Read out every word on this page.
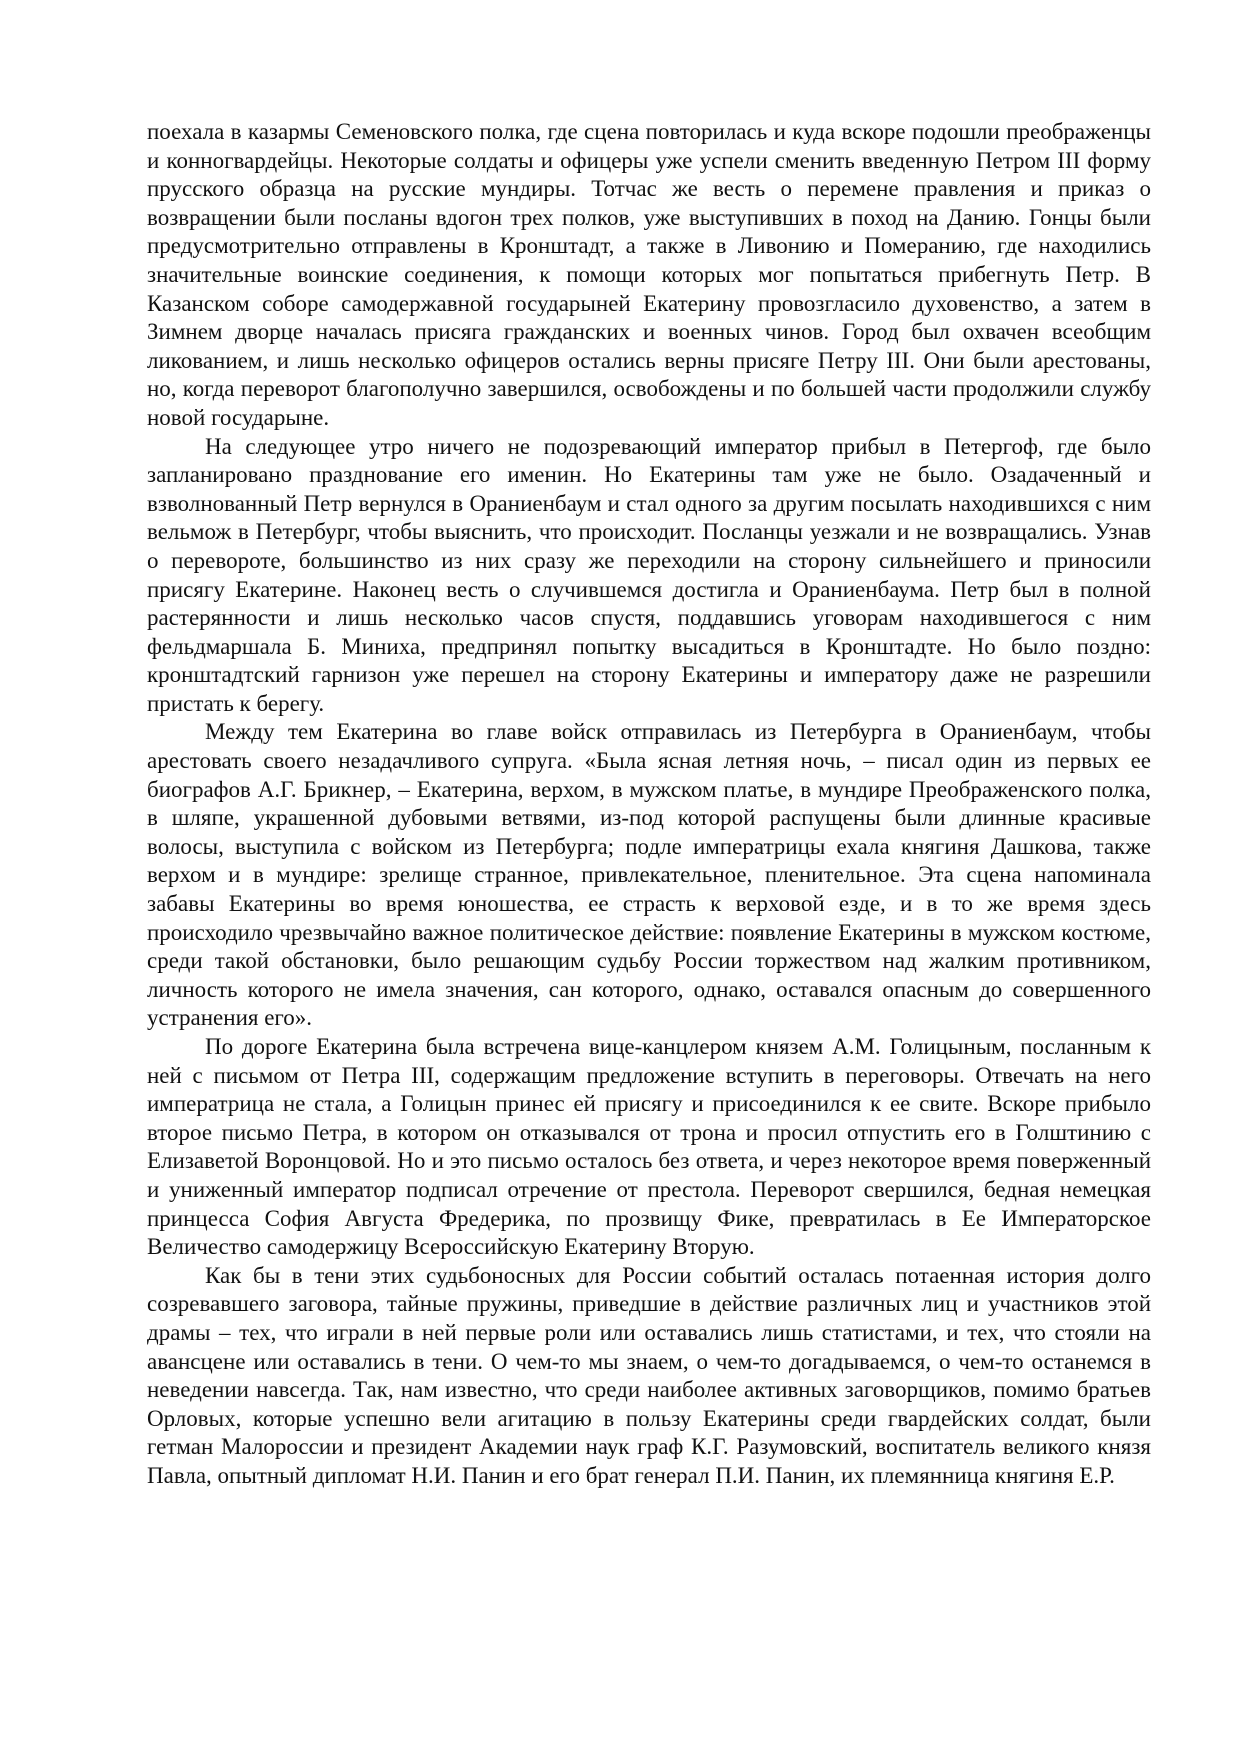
поехала в казармы Семеновского полка, где сцена повторилась и куда вскоре подошли преображенцы и конногвардейцы. Некоторые солдаты и офицеры уже успели сменить введенную Петром III форму прусского образца на русские мундиры. Тотчас же весть о перемене правления и приказ о возвращении были посланы вдогон трех полков, уже выступивших в поход на Данию. Гонцы были предусмотрительно отправлены в Кронштадт, а также в Ливонию и Померанию, где находились значительные воинские соединения, к помощи которых мог попытаться прибегнуть Петр. В Казанском соборе самодержавной государыней Екатерину провозгласило духовенство, а затем в Зимнем дворце началась присяга гражданских и военных чинов. Город был охвачен всеобщим ликованием, и лишь несколько офицеров остались верны присяге Петру III. Они были арестованы, но, когда переворот благополучно завершился, освобождены и по большей части продолжили службу новой государыне.

На следующее утро ничего не подозревающий император прибыл в Петергоф, где было запланировано празднование его именин. Но Екатерины там уже не было. Озадаченный и взволнованный Петр вернулся в Ораниенбаум и стал одного за другим посылать находившихся с ним вельмож в Петербург, чтобы выяснить, что происходит. Посланцы уезжали и не возвращались. Узнав о перевороте, большинство из них сразу же переходили на сторону сильнейшего и приносили присягу Екатерине. Наконец весть о случившемся достигла и Ораниенбаума. Петр был в полной растерянности и лишь несколько часов спустя, поддавшись уговорам находившегося с ним фельдмаршала Б. Миниха, предпринял попытку высадиться в Кронштадте. Но было поздно: кронштадтский гарнизон уже перешел на сторону Екатерины и императору даже не разрешили пристать к берегу.

Между тем Екатерина во главе войск отправилась из Петербурга в Ораниенбаум, чтобы арестовать своего незадачливого супруга. «Была ясная летняя ночь, – писал один из первых ее биографов А.Г. Брикнер, – Екатерина, верхом, в мужском платье, в мундире Преображенского полка, в шляпе, украшенной дубовыми ветвями, из-под которой распущены были длинные красивые волосы, выступила с войском из Петербурга; подле императрицы ехала княгиня Дашкова, также верхом и в мундире: зрелище странное, привлекательное, пленительное. Эта сцена напоминала забавы Екатерины во время юношества, ее страсть к верховой езде, и в то же время здесь происходило чрезвычайно важное политическое действие: появление Екатерины в мужском костюме, среди такой обстановки, было решающим судьбу России торжеством над жалким противником, личность которого не имела значения, сан которого, однако, оставался опасным до совершенного устранения его».

По дороге Екатерина была встречена вице-канцлером князем А.М. Голицыным, посланным к ней с письмом от Петра III, содержащим предложение вступить в переговоры. Отвечать на него императрица не стала, а Голицын принес ей присягу и присоединился к ее свите. Вскоре прибыло второе письмо Петра, в котором он отказывался от трона и просил отпустить его в Голштинию с Елизаветой Воронцовой. Но и это письмо осталось без ответа, и через некоторое время поверженный и униженный император подписал отречение от престола. Переворот свершился, бедная немецкая принцесса София Августа Фредерика, по прозвищу Фике, превратилась в Ее Императорское Величество самодержицу Всероссийскую Екатерину Вторую.

Как бы в тени этих судьбоносных для России событий осталась потаенная история долго созревавшего заговора, тайные пружины, приведшие в действие различных лиц и участников этой драмы – тех, что играли в ней первые роли или оставались лишь статистами, и тех, что стояли на авансцене или оставались в тени. О чем-то мы знаем, о чем-то догадываемся, о чем-то останемся в неведении навсегда. Так, нам известно, что среди наиболее активных заговорщиков, помимо братьев Орловых, которые успешно вели агитацию в пользу Екатерины среди гвардейских солдат, были гетман Малороссии и президент Академии наук граф К.Г. Разумовский, воспитатель великого князя Павла, опытный дипломат Н.И. Панин и его брат генерал П.И. Панин, их племянница княгиня Е.Р.
